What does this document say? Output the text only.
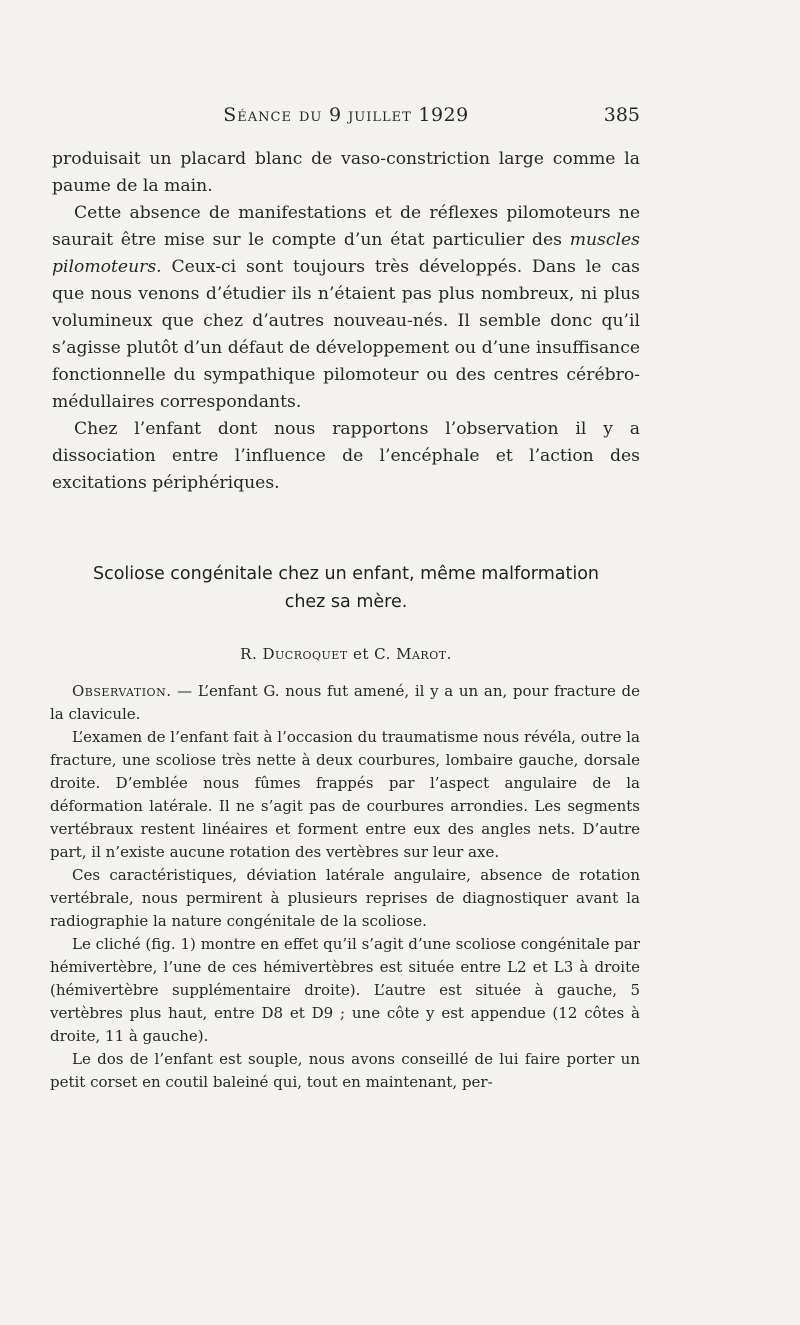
Séance du 9 juillet 1929	385

produisait un placard blanc de vaso-constriction large comme la paume de la main.

Cette absence de manifestations et de réflexes pilomoteurs ne saurait être mise sur le compte d’un état particulier des muscles pilomoteurs. Ceux-ci sont toujours très développés. Dans le cas que nous venons d’étudier ils n’étaient pas plus nombreux, ni plus volumineux que chez d’autres nouveau-nés. Il semble donc qu’il s’agisse plutôt d’un défaut de développement ou d’une insuffisance fonctionnelle du sympathique pilomoteur ou des centres cérébro-médullaires correspondants.

Chez l’enfant dont nous rapportons l’observation il y a dissociation entre l’influence de l’encéphale et l’action des excitations périphériques.

Scoliose congénitale chez un enfant, même malformation
chez sa mère.
R. Ducroquet et C. Marot.

Observation. — L’enfant G. nous fut amené, il y a un an, pour fracture de la clavicule.

L’examen de l’enfant fait à l’occasion du traumatisme nous révéla, outre la fracture, une scoliose très nette à deux courbures, lombaire gauche, dorsale droite. D’emblée nous fûmes frappés par l’aspect angulaire de la déformation latérale. Il ne s’agit pas de courbures arrondies. Les segments vertébraux restent linéaires et forment entre eux des angles nets. D’autre part, il n’existe aucune rotation des vertèbres sur leur axe.

Ces caractéristiques, déviation latérale angulaire, absence de rotation vertébrale, nous permirent à plusieurs reprises de diagnostiquer avant la radiographie la nature congénitale de la scoliose.

Le cliché (fig. 1) montre en effet qu’il s’agit d’une scoliose congénitale par hémivertèbre, l’une de ces hémivertèbres est située entre L2 et L3 à droite (hémivertèbre supplémentaire droite). L’autre est située à gauche, 5 vertèbres plus haut, entre D8 et D9 ; une côte y est appendue (12 côtes à droite, 11 à gauche).

Le dos de l’enfant est souple, nous avons conseillé de lui faire porter un petit corset en coutil baleiné qui, tout en maintenant, per-
